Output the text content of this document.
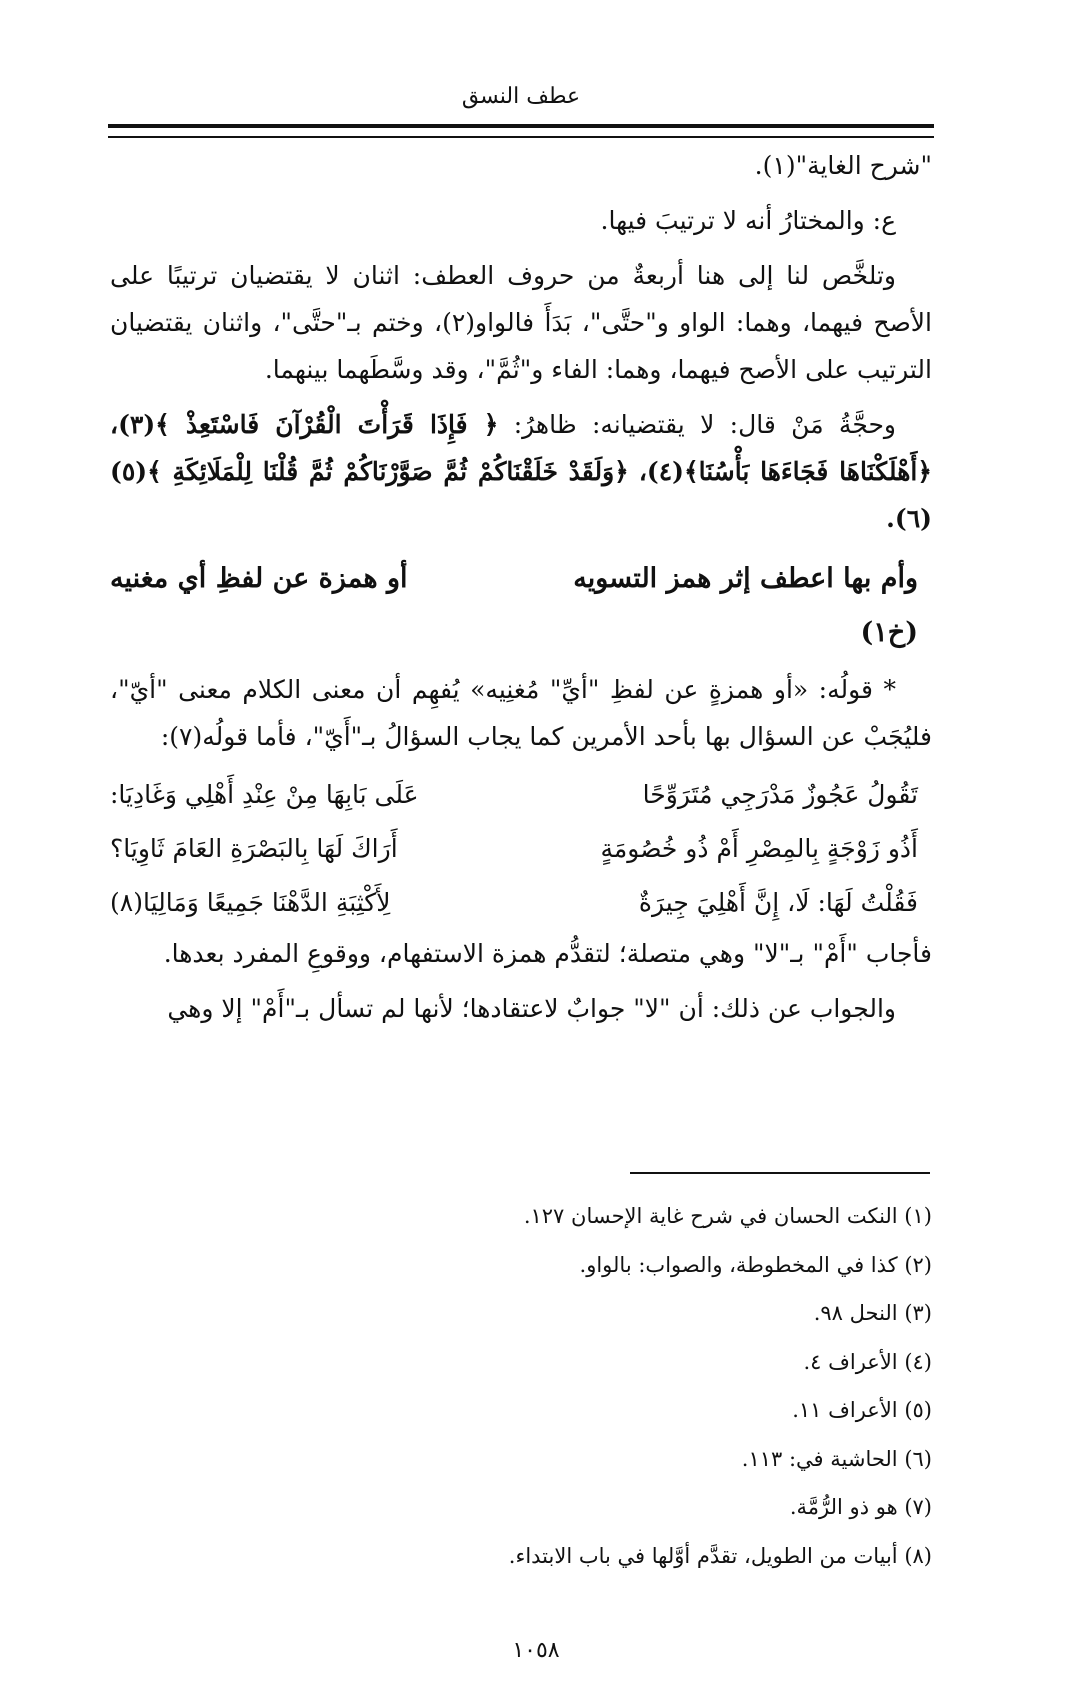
عطف النسق

"شرح الغاية"(١).

ع: والمختارُ أنه لا ترتيبَ فيها.

وتلخَّص لنا إلى هنا أربعةٌ من حروف العطف: اثنان لا يقتضيان ترتيبًا على الأصح فيهما، وهما: الواو و"حتَّى"، بَدَأَ فالواو(٢)، وختم بـ"حتَّى"، واثنان يقتضيان الترتيب على الأصح فيهما، وهما: الفاء و"ثُمَّ"، وقد وسَّطَهما بينهما.

وحجَّةُ مَنْ قال: لا يقتضيانه: ظاهرُ: ﴿ فَإِذَا قَرَأْتَ الْقُرْآنَ فَاسْتَعِذْ ﴾(٣)، ﴿أَهْلَكْنَاهَا فَجَاءَهَا بَأْسُنَا﴾(٤)، ﴿وَلَقَدْ خَلَقْنَاكُمْ ثُمَّ صَوَّرْنَاكُمْ ثُمَّ قُلْنَا لِلْمَلَائِكَةِ ﴾(٥)(٦).

وأم بها اعطف إثر همز التسويه
أو همزة عن لفظِ أي مغنيه
(خ١)

* قولُه: «أو همزةٍ عن لفظِ "أيِّ" مُغنِيه» يُفهِم أن معنى الكلام معنى "أيّ"، فليُجَبْ عن السؤال بها بأحد الأمرين كما يجاب السؤالُ بـ"أَيّ"، فأما قولُه(٧):

تَقُولُ عَجُوزٌ مَدْرَجِي مُتَرَوِّحًا
عَلَى بَابِهَا مِنْ عِنْدِ أَهْلِي وَغَادِيَا:
أَذُو زَوْجَةٍ بِالمِصْرِ أَمْ ذُو خُصُومَةٍ
أَرَاكَ لَهَا بِالبَصْرَةِ العَامَ ثَاوِيَا؟
فَقُلْتُ لَهَا: لَا، إِنَّ أَهْلِيَ جِيرَةٌ
لِأَكْثِبَةِ الدَّهْنَا جَمِيعًا وَمَالِيَا(٨)

فأجاب "أَمْ" بـ"لا" وهي متصلة؛ لتقدُّم همزة الاستفهام، ووقوعِ المفرد بعدها.

والجواب عن ذلك: أن "لا" جوابٌ لاعتقادها؛ لأنها لم تسأل بـ"أَمْ" إلا وهي

(١) النكت الحسان في شرح غاية الإحسان ١٢٧.
(٢) كذا في المخطوطة، والصواب: بالواو.
(٣) النحل ٩٨.
(٤) الأعراف ٤.
(٥) الأعراف ١١.
(٦) الحاشية في: ١١٣.
(٧) هو ذو الرُّمَّة.
(٨) أبيات من الطويل، تقدَّم أوَّلها في باب الابتداء.
١٠٥٨
